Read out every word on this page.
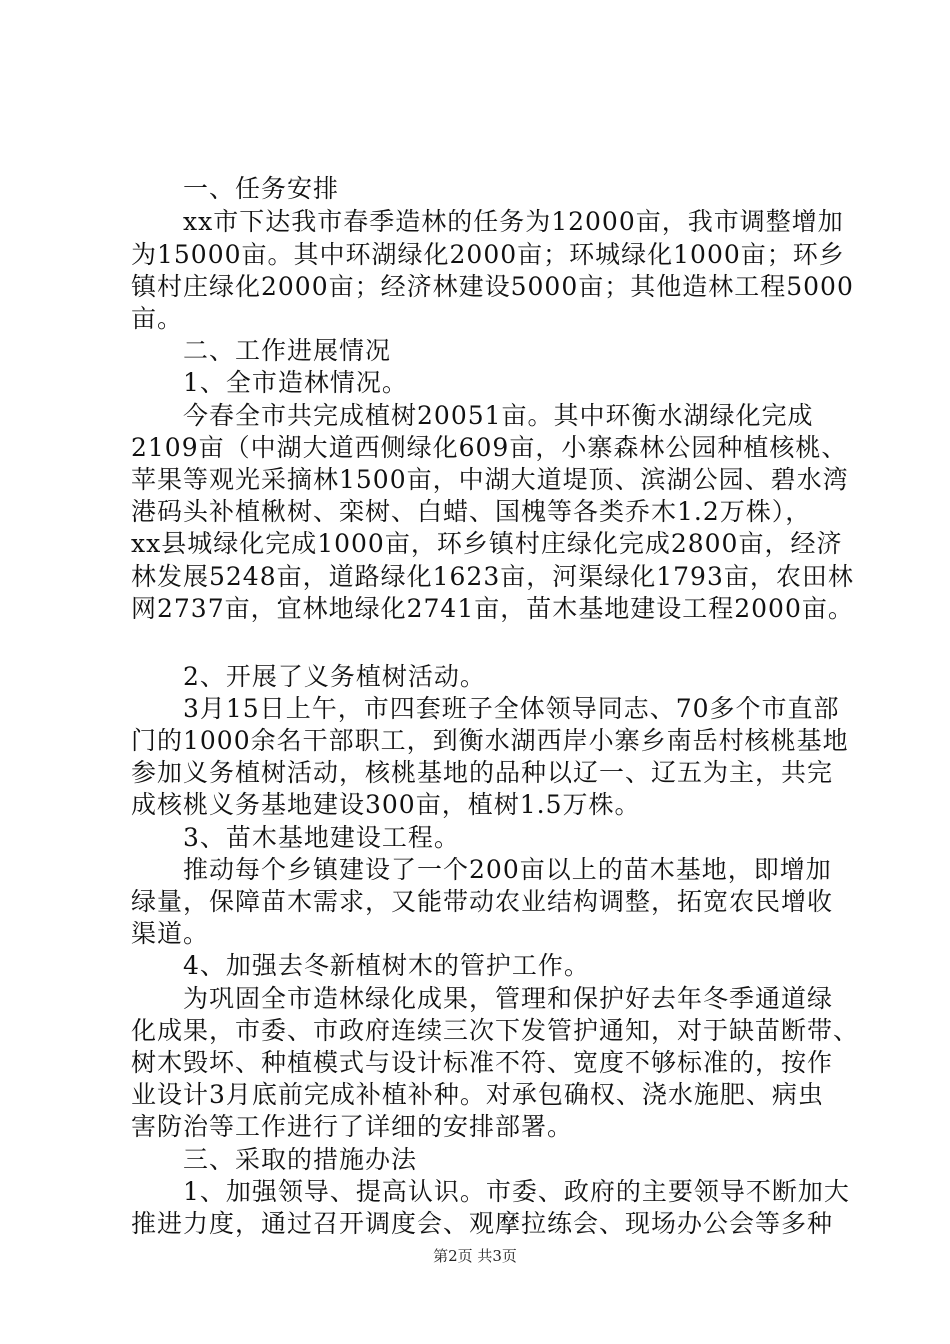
　　一、任务安排
　　xx市下达我市春季造林的任务为12000亩，我市调整增加
为15000亩。其中环湖绿化2000亩；环城绿化1000亩；环乡
镇村庄绿化2000亩；经济林建设5000亩；其他造林工程5000
亩。
　　二、工作进展情况
　　1、全市造林情况。
　　今春全市共完成植树20051亩。其中环衡水湖绿化完成
2109亩（中湖大道西侧绿化609亩，小寨森林公园种植核桃、
苹果等观光采摘林1500亩，中湖大道堤顶、滨湖公园、碧水湾
港码头补植楸树、栾树、白蜡、国槐等各类乔木1.2万株），
xx县城绿化完成1000亩，环乡镇村庄绿化完成2800亩，经济
林发展5248亩，道路绿化1623亩，河渠绿化1793亩，农田林
网2737亩，宜林地绿化2741亩，苗木基地建设工程2000亩。
　　2、开展了义务植树活动。
　　3月15日上午，市四套班子全体领导同志、70多个市直部
门的1000余名干部职工，到衡水湖西岸小寨乡南岳村核桃基地
参加义务植树活动，核桃基地的品种以辽一、辽五为主，共完
成核桃义务基地建设300亩，植树1.5万株。
　　3、苗木基地建设工程。
　　推动每个乡镇建设了一个200亩以上的苗木基地，即增加
绿量，保障苗木需求，又能带动农业结构调整，拓宽农民增收
渠道。
　　4、加强去冬新植树木的管护工作。
　　为巩固全市造林绿化成果，管理和保护好去年冬季通道绿
化成果，市委、市政府连续三次下发管护通知，对于缺苗断带、
树木毁坏、种植模式与设计标准不符、宽度不够标准的，按作
业设计3月底前完成补植补种。对承包确权、浇水施肥、病虫
害防治等工作进行了详细的安排部署。
　　三、采取的措施办法
　　1、加强领导、提高认识。市委、政府的主要领导不断加大
推进力度，通过召开调度会、观摩拉练会、现场办公会等多种
第2页 共3页
